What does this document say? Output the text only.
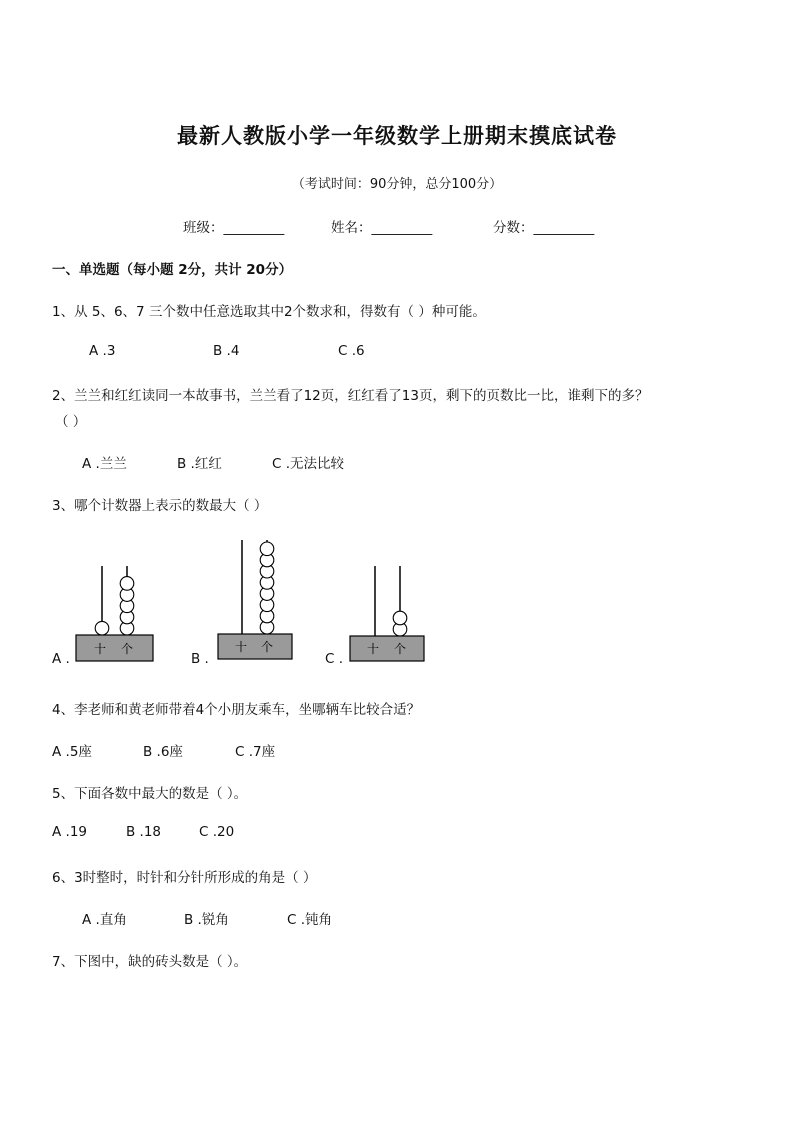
最新人教版小学一年级数学上册期末摸底试卷
（考试时间：90分钟，总分100分）
班级：_________	姓名：_________	分数：_________
一、单选题（每小题 2分，共计 20分）
1、从 5、6、7 三个数中任意选取其中2个数求和，得数有（ ）种可能。
A .3	B .4	C .6
2、兰兰和红红读同一本故事书，兰兰看了12页，红红看了13页，剩下的页数比一比，谁剩下的多？
（ ）
A .兰兰	B .红红	C .无法比较
3、哪个计数器上表示的数最大（ ）
A .	B .	C .
十 个	十 个	十 个
4、李老师和黄老师带着4个小朋友乘车，坐哪辆车比较合适？
A .5座	B .6座	C .7座
5、下面各数中最大的数是（ ）。
A .19	B .18	C .20
6、3时整时，时针和分针所形成的角是（ ）
A .直角	B .锐角	C .钝角
7、下图中，缺的砖头数是（ ）。
